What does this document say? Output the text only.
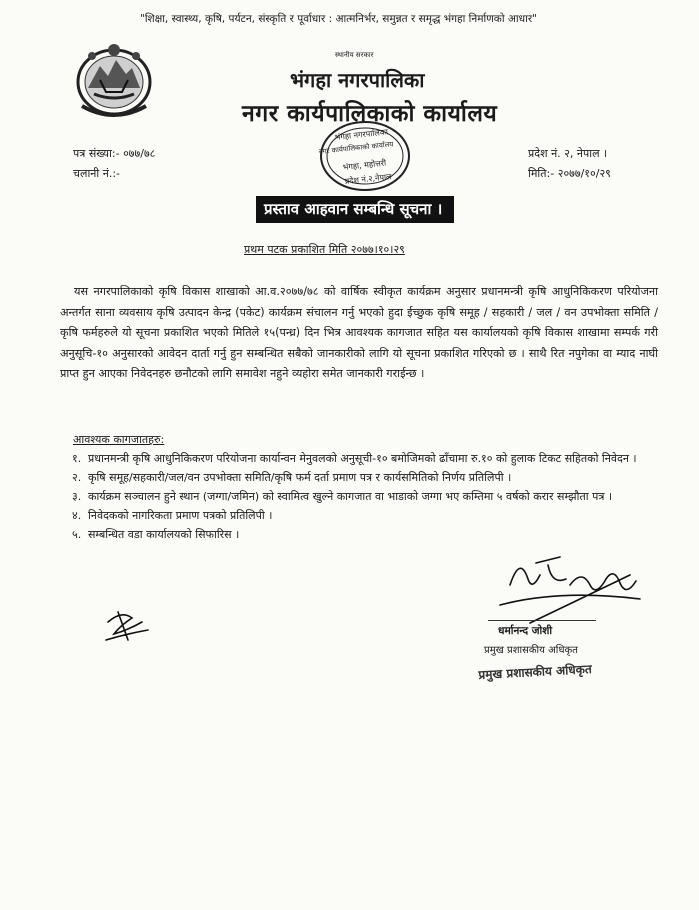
"शिक्षा, स्वास्थ्य, कृषि, पर्यटन, संस्कृति र पूर्वाधार : आत्मनिर्भर, समुन्नत र समृद्ध भंगहा निर्माणको आधार"
स्थानीय सरकार
भंगहा नगरपालिका
नगर कार्यपालिकाको कार्यालय
भंगहा नगरपालिका
नगर कार्यपालिकाको कार्यालय
भंगहा, महोत्तरी
प्रदेश नं.२,नेपाल
पत्र संख्या:- ०७७/७८
चलानी नं.:-
प्रदेश नं. २, नेपाल ।
मिति:- २०७७/१०/२९
प्रस्ताव आहवान सम्बन्धि सूचना ।
प्रथम पटक प्रकाशित मिति २०७७।१०।२९
यस नगरपालिकाको कृषि विकास शाखाको आ.व.२०७७/७८ को वार्षिक स्वीकृत कार्यक्रम अनुसार प्रधानमन्त्री कृषि आधुनिकिकरण परियोजना अन्तर्गत साना व्यवसाय कृषि उत्पादन केन्द्र (पकेट) कार्यक्रम संचालन गर्नु भएको हुदा ईच्छुक कृषि समूह / सहकारी / जल / वन उपभोक्ता समिति / कृषि फर्महरुले यो सूचना प्रकाशित भएको मितिले १५(पन्ध्र) दिन भित्र आवश्यक कागजात सहित यस कार्यालयको कृषि विकास शाखामा सम्पर्क गरी अनुसूचि-१० अनुसारको आवेदन दार्ता गर्नु हुन सम्बन्धित सबैको जानकारीको लागि यो सूचना प्रकाशित गरिएको छ । साथै रित नपुगेका वा म्याद नाघी प्राप्त हुन आएका निवेदनहरु छनौटको लागि समावेश नहुने व्यहोरा समेत जानकारी गराईन्छ ।
आवश्यक कागजातहरु:
१. प्रधानमन्त्री कृषि आधुनिकिकरण परियोजना कार्यान्वन मेनुवलको अनुसूची-१० बमोजिमको ढाँचामा रु.१० को हुलाक टिकट सहितको निवेदन ।
२. कृषि समूह/सहकारी/जल/वन उपभोक्ता समिति/कृषि फर्म दर्ता प्रमाण पत्र र कार्यसमितिको निर्णय प्रतिलिपी ।
३. कार्यक्रम सञ्चालन हुने स्थान (जग्गा/जमिन) को स्वामित्व खुल्ने कागजात वा भाडाको जग्गा भए कम्तिमा ५ वर्षको करार सम्झौता पत्र ।
४. निवेदकको नागरिकता प्रमाण पत्रको प्रतिलिपी ।
५. सम्बन्धित वडा कार्यालयको सिफारिस ।
धर्मानन्द जोशी
प्रमुख प्रशासकीय अधिकृत
प्रमुख प्रशासकीय अधिकृत
